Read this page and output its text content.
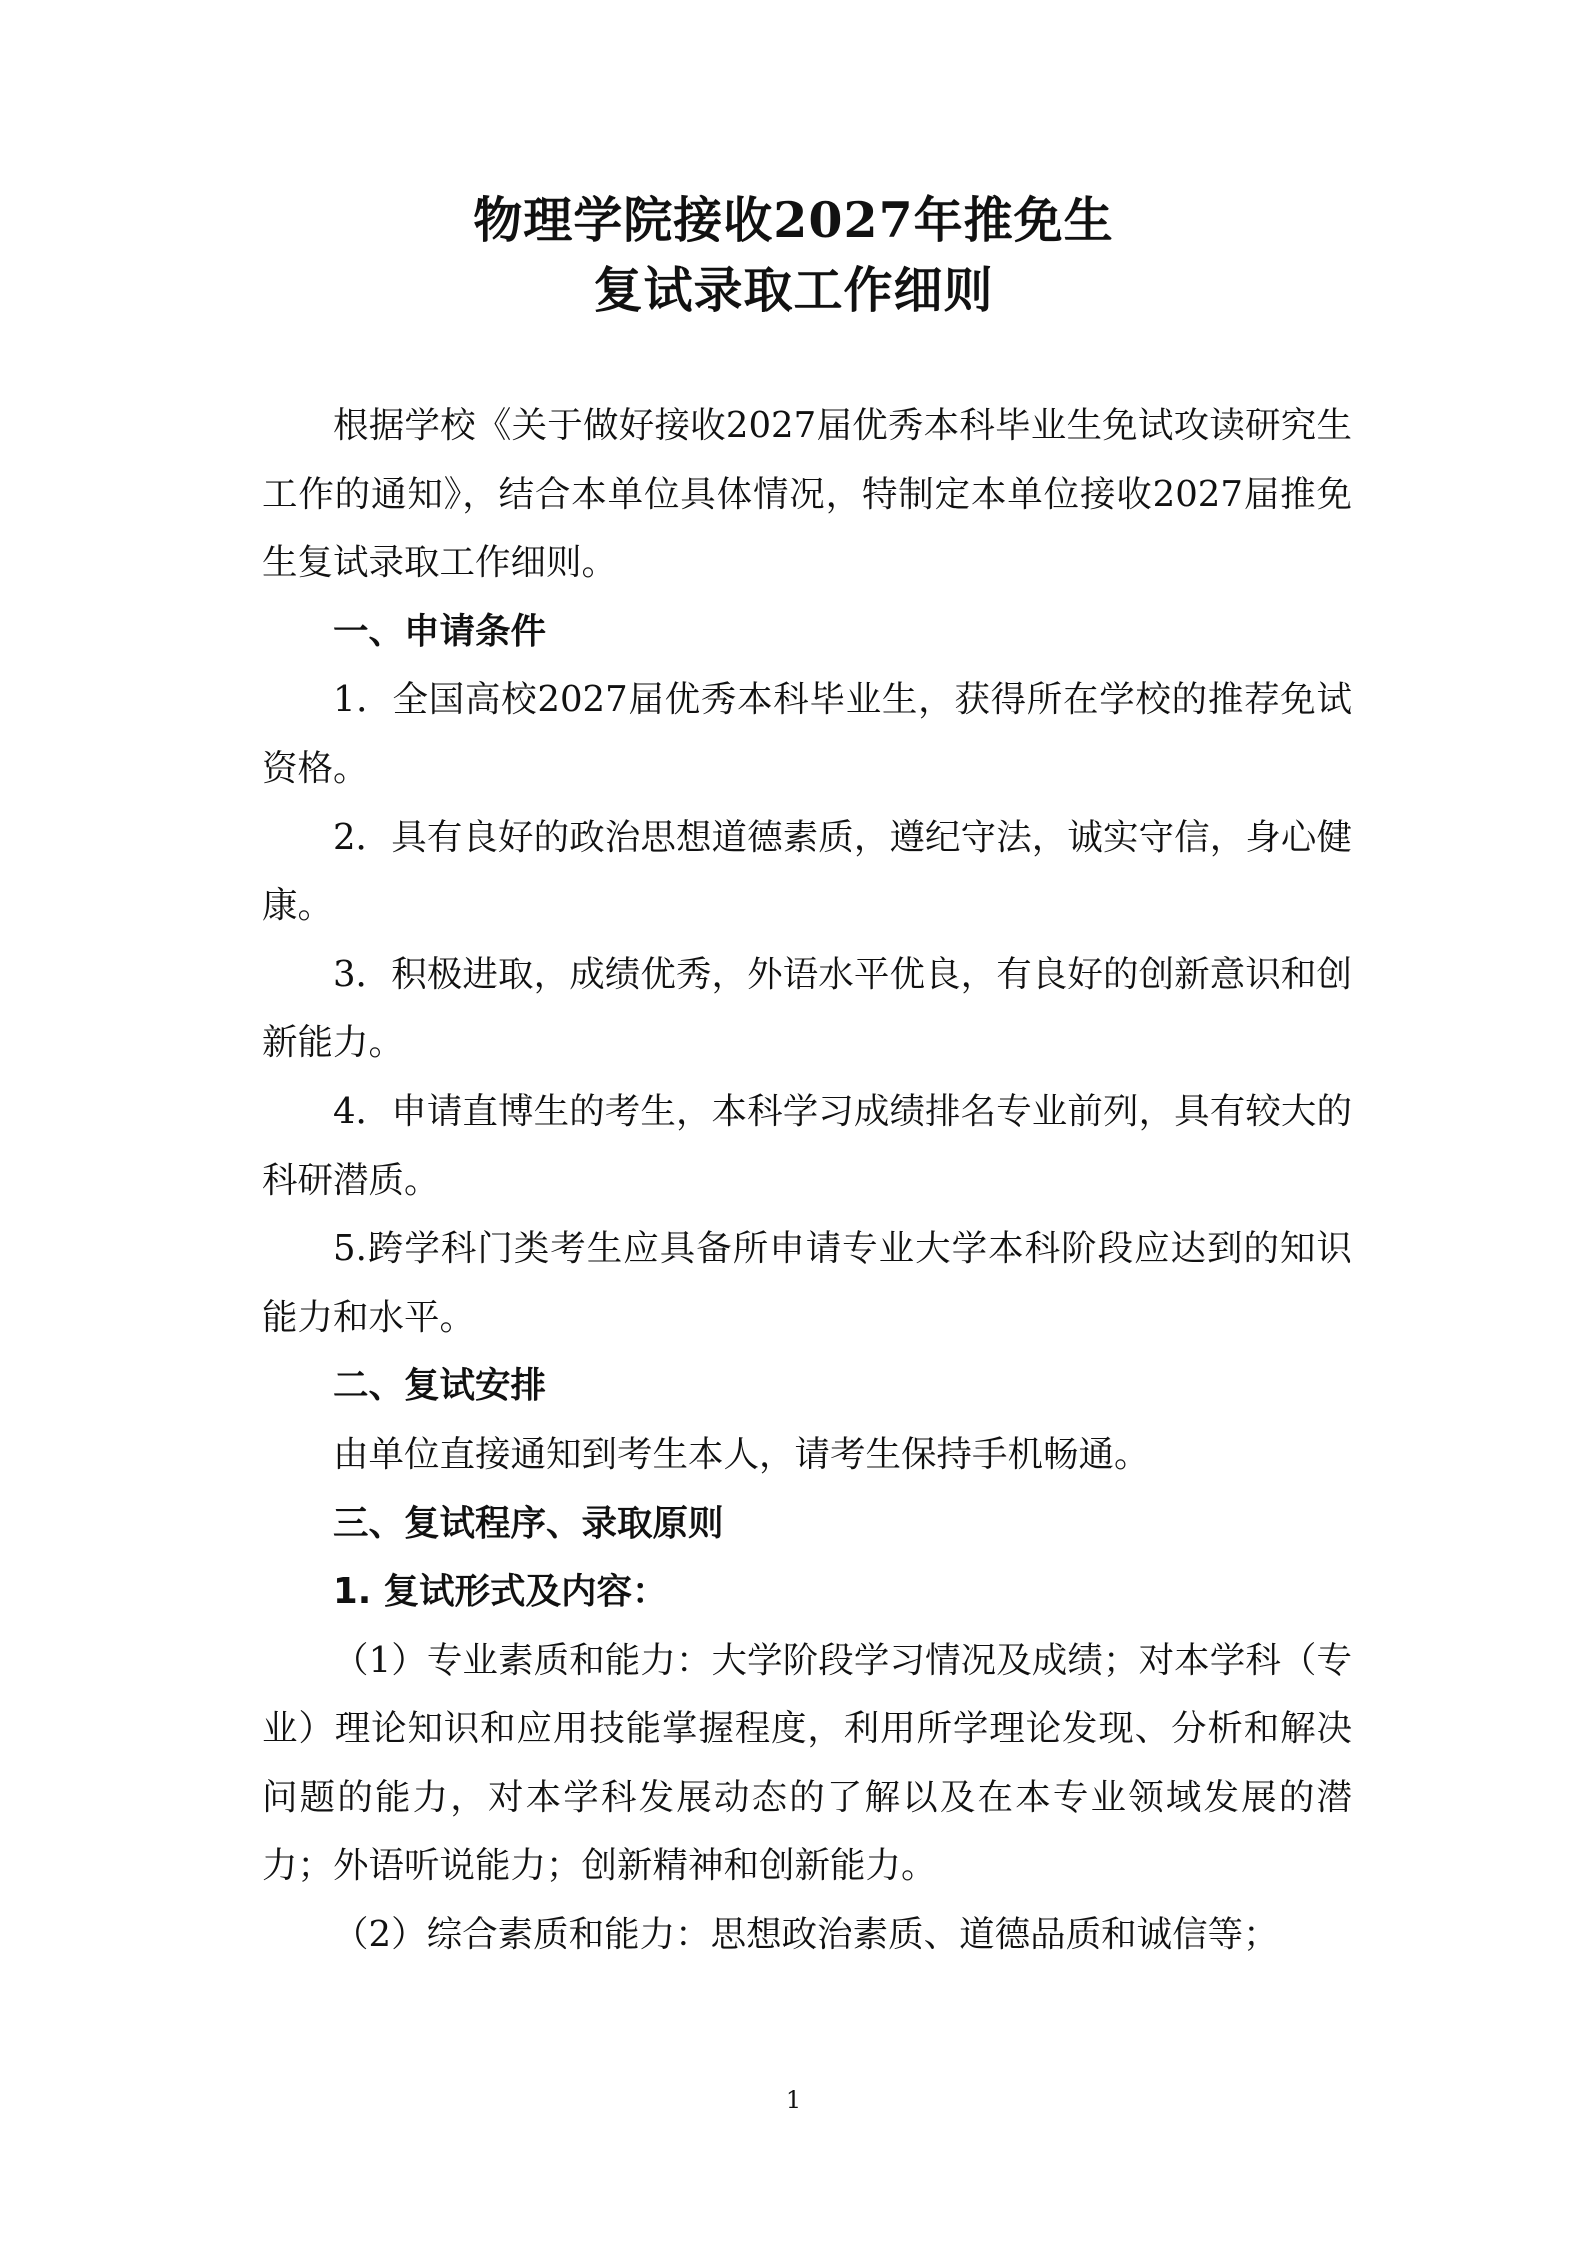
物理学院接收2027年推免生
复试录取工作细则

根据学校《关于做好接收2027届优秀本科毕业生免试攻读研究生工作的通知》，结合本单位具体情况，特制定本单位接收2027届推免生复试录取工作细则。

一、申请条件

1．全国高校2027届优秀本科毕业生，获得所在学校的推荐免试资格。

2．具有良好的政治思想道德素质，遵纪守法，诚实守信，身心健康。

3．积极进取，成绩优秀，外语水平优良，有良好的创新意识和创新能力。

4．申请直博生的考生，本科学习成绩排名专业前列，具有较大的科研潜质。

5.跨学科门类考生应具备所申请专业大学本科阶段应达到的知识能力和水平。

二、复试安排

由单位直接通知到考生本人，请考生保持手机畅通。

三、复试程序、录取原则

1. 复试形式及内容：

（1）专业素质和能力：大学阶段学习情况及成绩；对本学科（专业）理论知识和应用技能掌握程度，利用所学理论发现、分析和解决问题的能力，对本学科发展动态的了解以及在本专业领域发展的潜力；外语听说能力；创新精神和创新能力。

（2）综合素质和能力：思想政治素质、道德品质和诚信等；

1
